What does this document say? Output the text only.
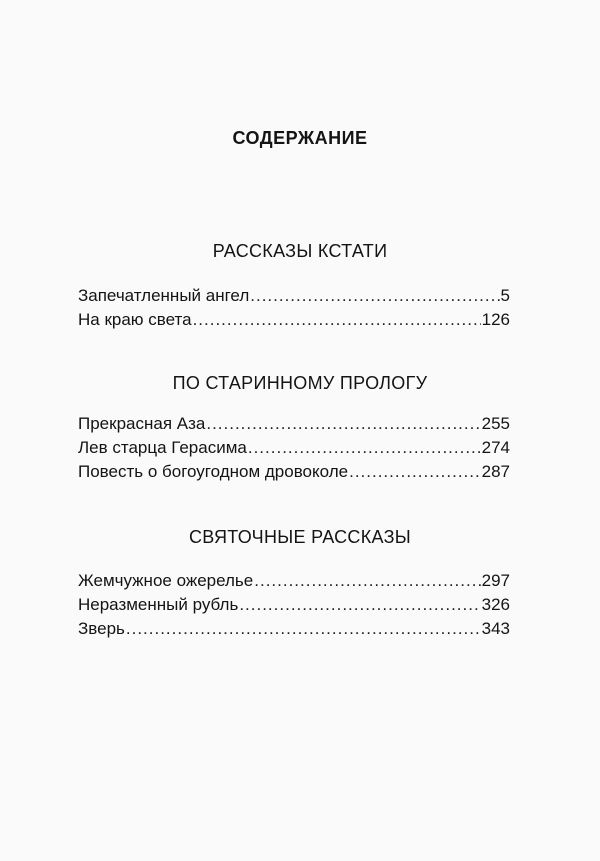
СОДЕРЖАНИЕ
РАССКАЗЫ КСТАТИ
Запечатленный ангел .....	5
На краю света .....	126
ПО СТАРИННОМУ ПРОЛОГУ
Прекрасная Аза .....	255
Лев старца Герасима .....	274
Повесть о богоугодном дровоколе .....	287
СВЯТОЧНЫЕ РАССКАЗЫ
Жемчужное ожерелье .....	297
Неразменный рубль .....	326
Зверь .....	343
